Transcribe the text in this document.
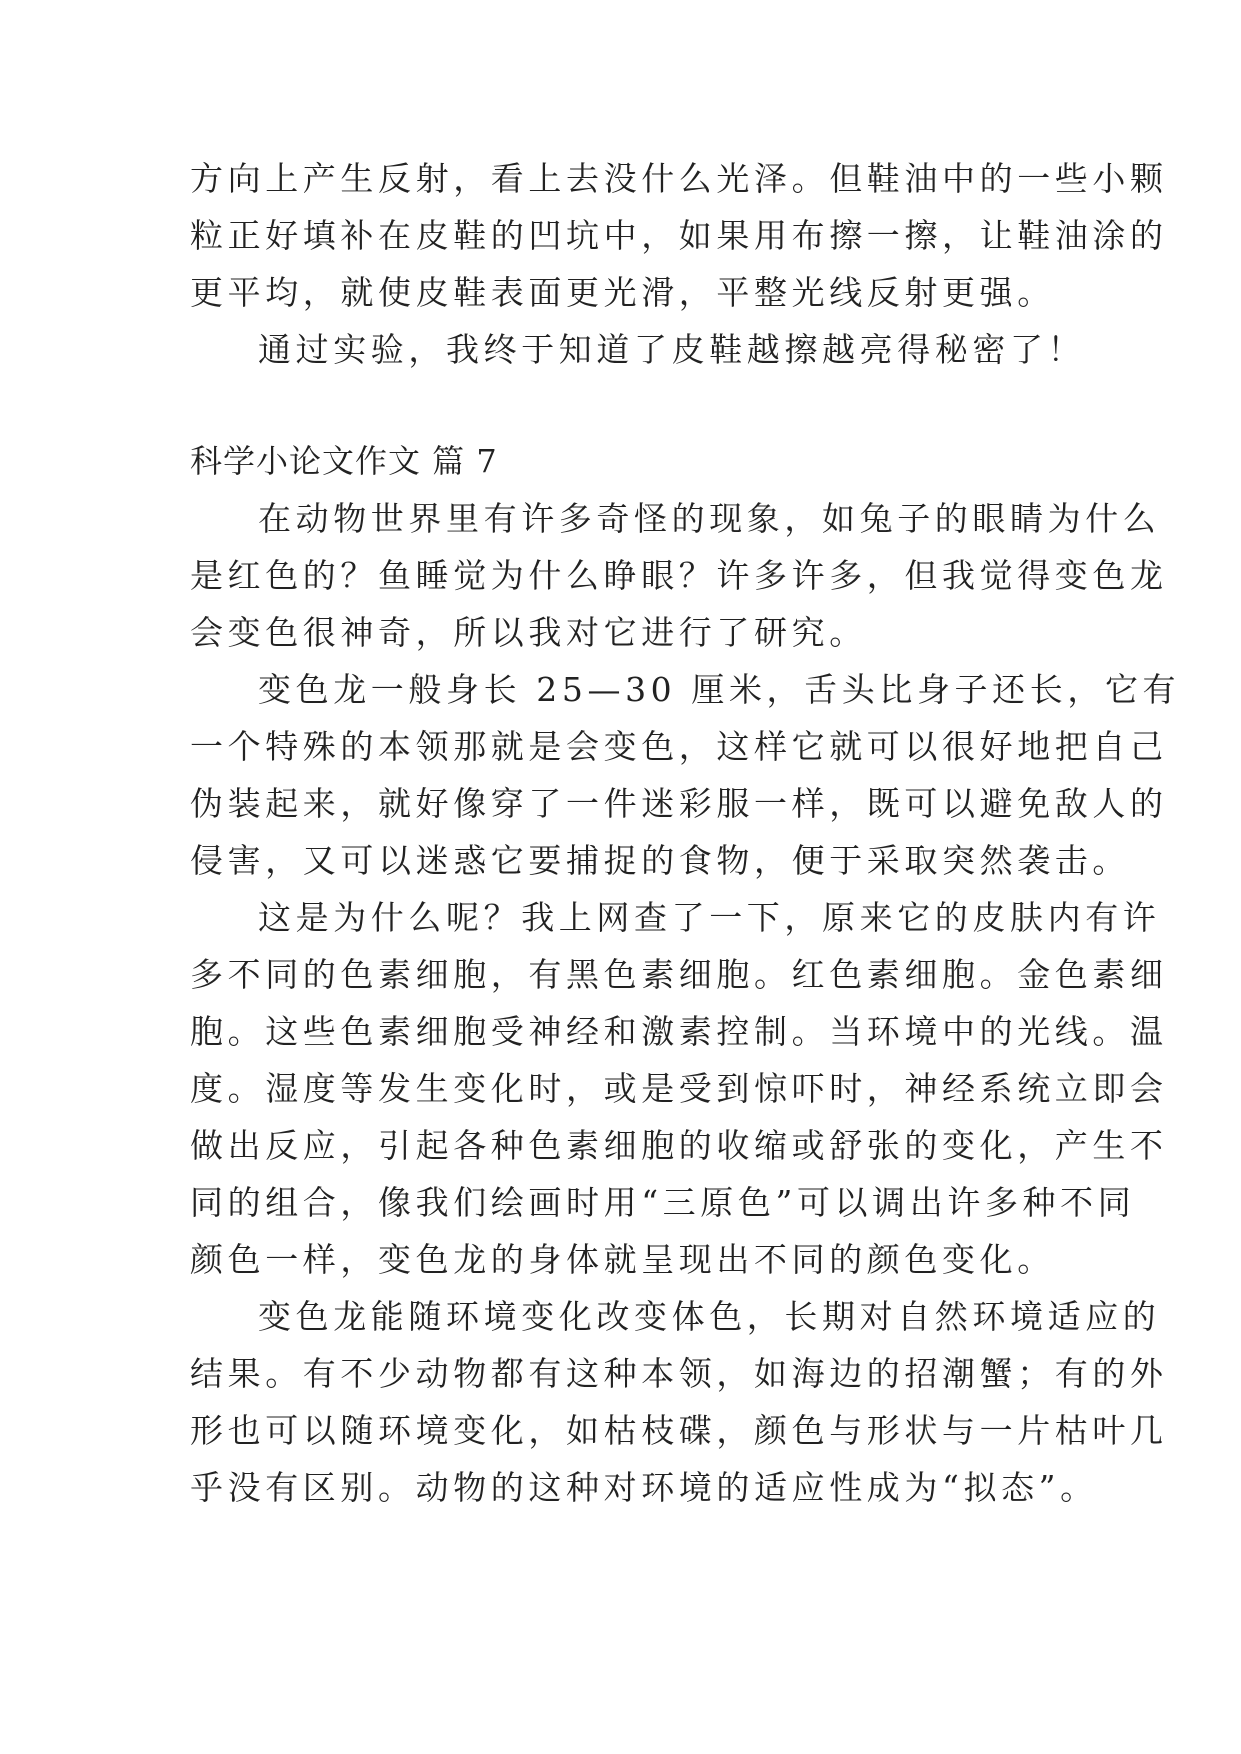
方向上产生反射，看上去没什么光泽。但鞋油中的一些小颗
粒正好填补在皮鞋的凹坑中，如果用布擦一擦，让鞋油涂的
更平均，就使皮鞋表面更光滑，平整光线反射更强。
通过实验，我终于知道了皮鞋越擦越亮得秘密了！
科学小论文作文 篇 7
在动物世界里有许多奇怪的现象，如兔子的眼睛为什么
是红色的？鱼睡觉为什么睁眼？许多许多，但我觉得变色龙
会变色很神奇，所以我对它进行了研究。
变色龙一般身长 25—30 厘米，舌头比身子还长，它有
一个特殊的本领那就是会变色，这样它就可以很好地把自己
伪装起来，就好像穿了一件迷彩服一样，既可以避免敌人的
侵害，又可以迷惑它要捕捉的食物，便于采取突然袭击。
这是为什么呢？我上网查了一下，原来它的皮肤内有许
多不同的色素细胞，有黑色素细胞。红色素细胞。金色素细
胞。这些色素细胞受神经和激素控制。当环境中的光线。温
度。湿度等发生变化时，或是受到惊吓时，神经系统立即会
做出反应，引起各种色素细胞的收缩或舒张的变化，产生不
同的组合，像我们绘画时用“三原色”可以调出许多种不同
颜色一样，变色龙的身体就呈现出不同的颜色变化。
变色龙能随环境变化改变体色，长期对自然环境适应的
结果。有不少动物都有这种本领，如海边的招潮蟹；有的外
形也可以随环境变化，如枯枝碟，颜色与形状与一片枯叶几
乎没有区别。动物的这种对环境的适应性成为“拟态”。
